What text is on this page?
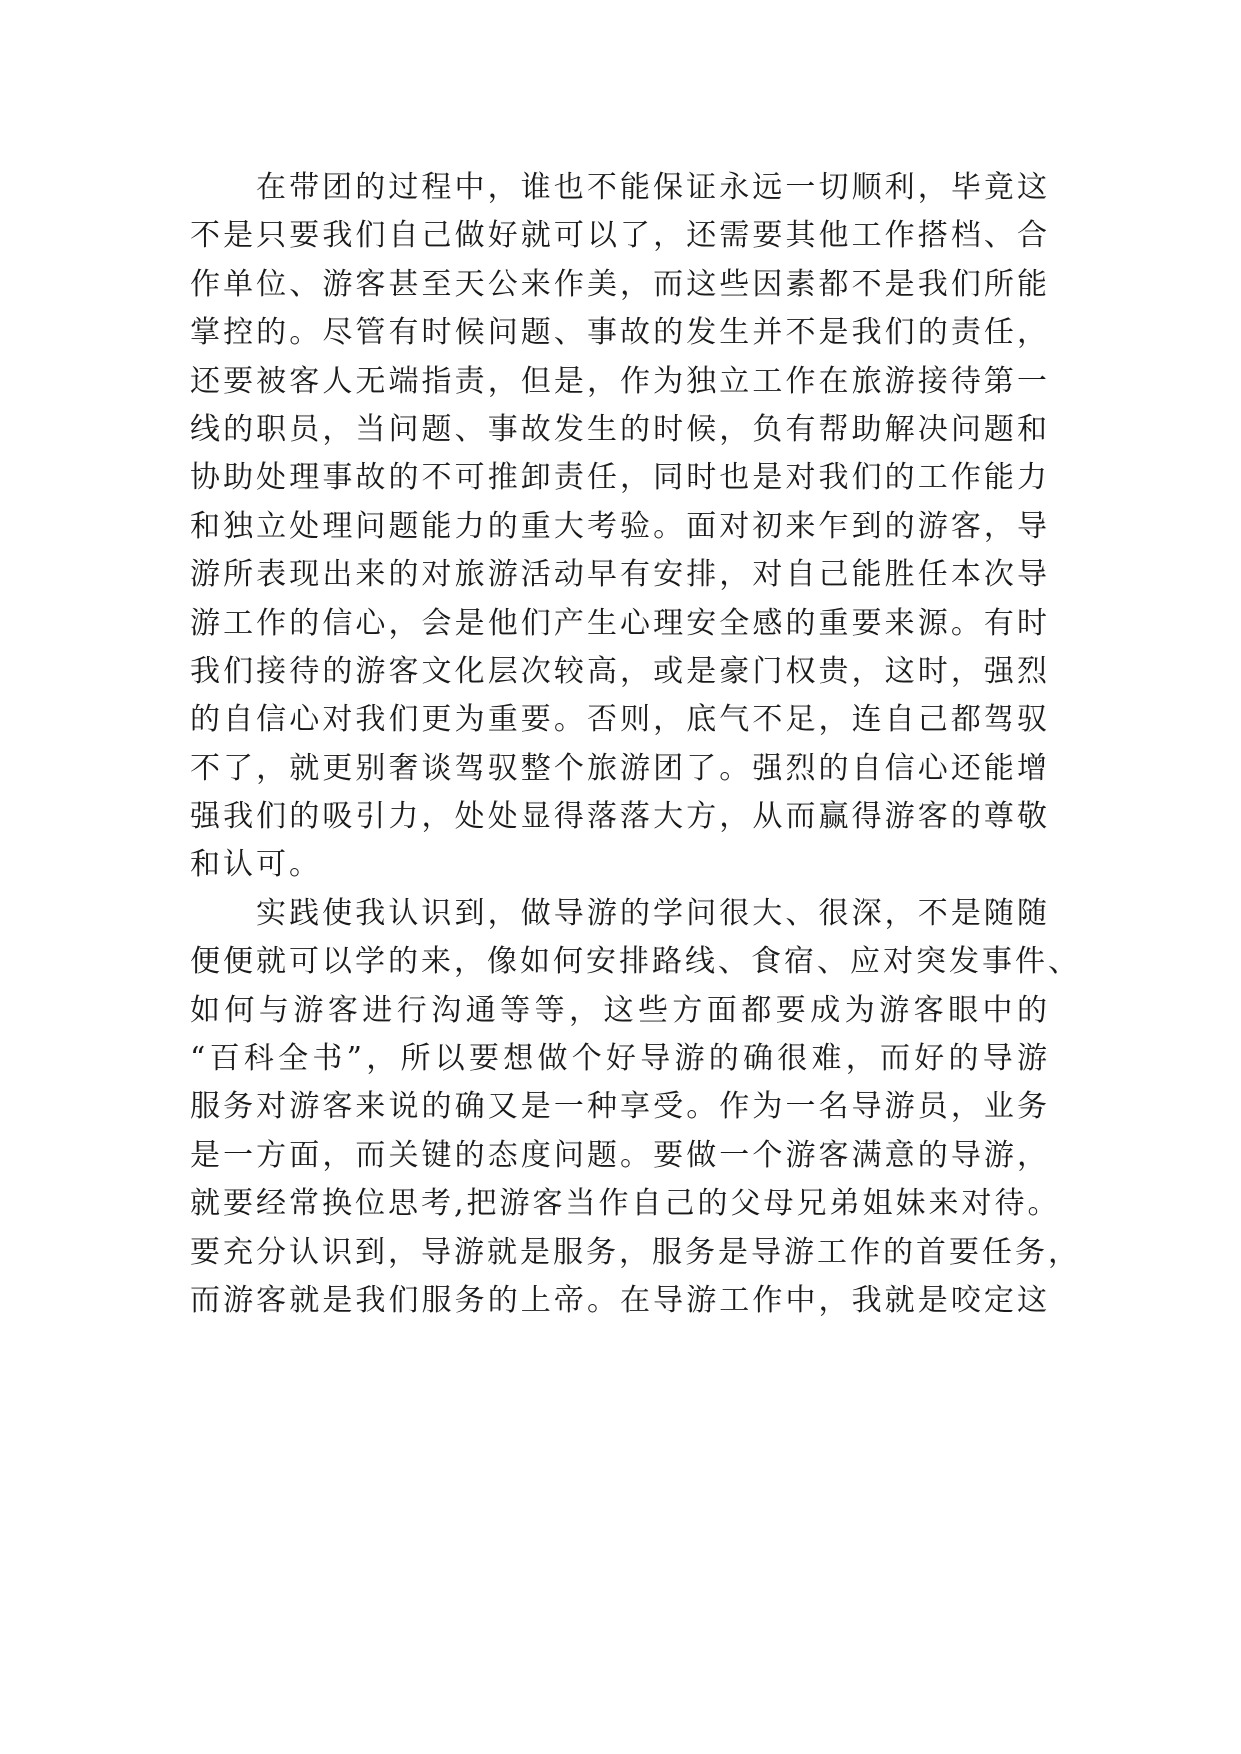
在带团的过程中，谁也不能保证永远一切顺利，毕竟这
不是只要我们自己做好就可以了，还需要其他工作搭档、合
作单位、游客甚至天公来作美，而这些因素都不是我们所能
掌控的。尽管有时候问题、事故的发生并不是我们的责任，
还要被客人无端指责，但是，作为独立工作在旅游接待第一
线的职员，当问题、事故发生的时候，负有帮助解决问题和
协助处理事故的不可推卸责任，同时也是对我们的工作能力
和独立处理问题能力的重大考验。面对初来乍到的游客，导
游所表现出来的对旅游活动早有安排，对自己能胜任本次导
游工作的信心，会是他们产生心理安全感的重要来源。有时
我们接待的游客文化层次较高，或是豪门权贵，这时，强烈
的自信心对我们更为重要。否则，底气不足，连自己都驾驭
不了，就更别奢谈驾驭整个旅游团了。强烈的自信心还能增
强我们的吸引力，处处显得落落大方，从而赢得游客的尊敬
和认可。
实践使我认识到，做导游的学问很大、很深，不是随随
便便就可以学的来，像如何安排路线、食宿、应对突发事件、
如何与游客进行沟通等等，这些方面都要成为游客眼中的
“百科全书”，所以要想做个好导游的确很难，而好的导游
服务对游客来说的确又是一种享受。作为一名导游员，业务
是一方面，而关键的态度问题。要做一个游客满意的导游，
就要经常换位思考,把游客当作自己的父母兄弟姐妹来对待。
要充分认识到，导游就是服务，服务是导游工作的首要任务，
而游客就是我们服务的上帝。在导游工作中，我就是咬定这
